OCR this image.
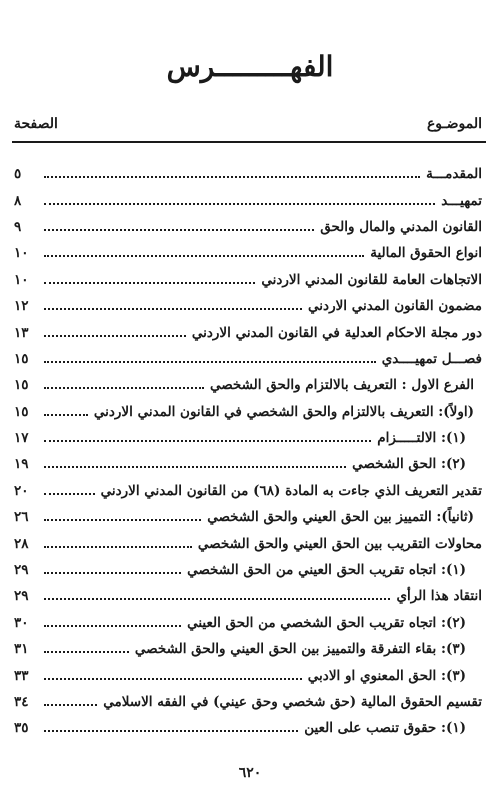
الفهـــــــــرس
الموضـوع
الصفحة
المقدمـــة
٥
تمهيـــد
٨
القانون المدني والمال والحق
٩
انواع الحقوق المالية
١٠
الاتجاهات العامة للقانون المدني الاردني
١٠
مضمون القانون المدني الاردني
١٢
دور مجلة الاحكام العدلية في القانون المدني الاردني
١٣
فصـــل تمهيــــدي
١٥
الفرع الاول : التعريف بالالتزام والحق الشخصي
١٥
(اولاً): التعريف بالالتزام والحق الشخصي في القانون المدني الاردني
١٥
(١): الالتـــــزام
١٧
(٢): الحق الشخصي
١٩
تقدير التعريف الذي جاءت به المادة (٦٨) من القانون المدني الاردني
٢٠
(ثانياً): التمييز بين الحق العيني والحق الشخصي
٢٦
محاولات التقريب بين الحق العيني والحق الشخصي
٢٨
(١): اتجاه تقريب الحق العيني من الحق الشخصي
٢٩
انتقاد هذا الرأي
٢٩
(٢): اتجاه تقريب الحق الشخصي من الحق العيني
٣٠
(٣): بقاء التفرقة والتمييز بين الحق العيني والحق الشخصي
٣١
(٣): الحق المعنوي او الادبي
٣٣
تقسيم الحقوق المالية (حق شخصي وحق عيني) في الفقه الاسلامي
٣٤
(١): حقوق تنصب على العين
٣٥
٦٢٠
